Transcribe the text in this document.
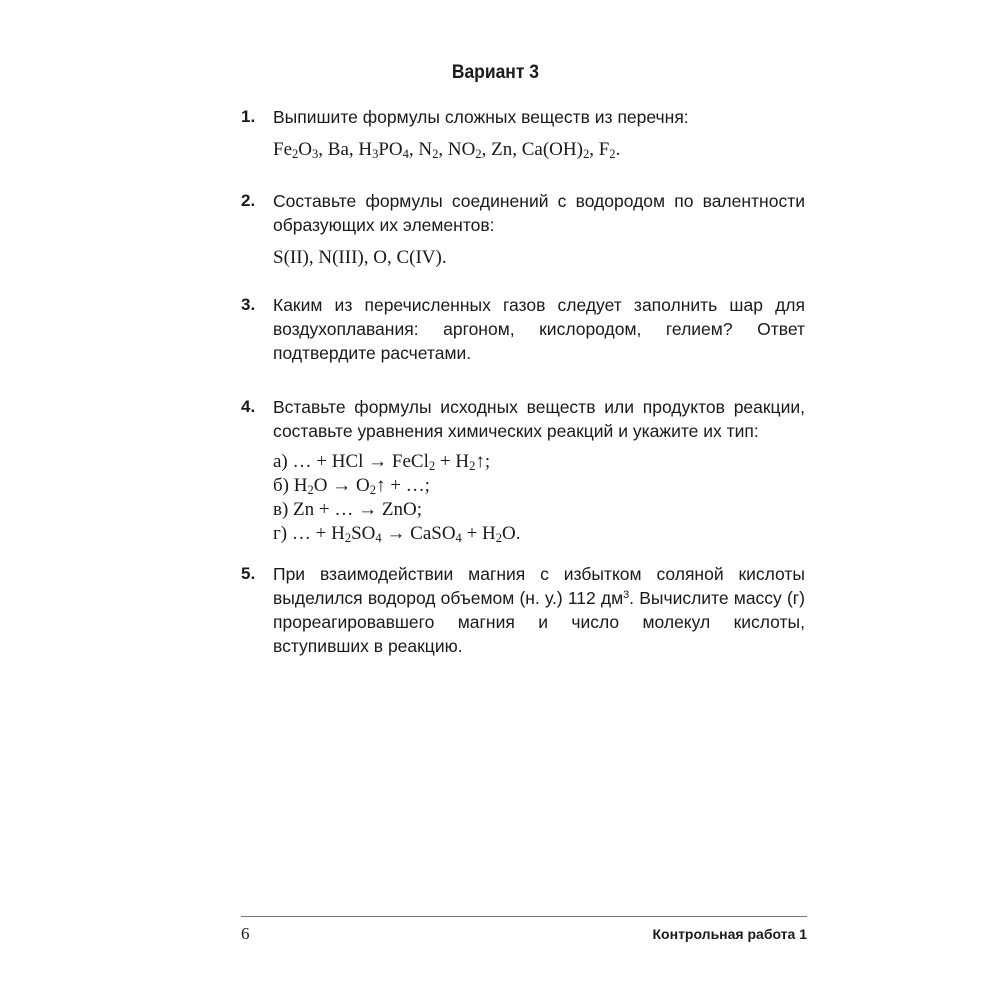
Вариант 3
1. Выпишите формулы сложных веществ из перечня:
$Fe_2O_3$, Ba, $H_3PO_4$, $N_2$, $NO_2$, Zn, $Ca(OH)_2$, $F_2$.
2. Составьте формулы соединений с водородом по валентности образующих их элементов:
S(II), N(III), O, C(IV).
3. Каким из перечисленных газов следует заполнить шар для воздухоплавания: аргоном, кислородом, гелием? Ответ подтвердите расчетами.
4. Вставьте формулы исходных веществ или продуктов реакции, составьте уравнения химических реакций и укажите их тип:
а) … + HCl → FeCl$_2$ + $H_2↑$;
б) $H_2O$ → $O_2↑$ + …;
в) Zn + … → ZnO;
г) … + $H_2SO_4$ → CaSO$_4$ + $H_2O$.
5. При взаимодействии магния с избытком соляной кислоты выделился водород объемом (н. у.) 112 $дм^3$. Вычислите массу (г) прореагировавшего магния и число молекул кислоты, вступивших в реакцию.
6	Контрольная работа 1
